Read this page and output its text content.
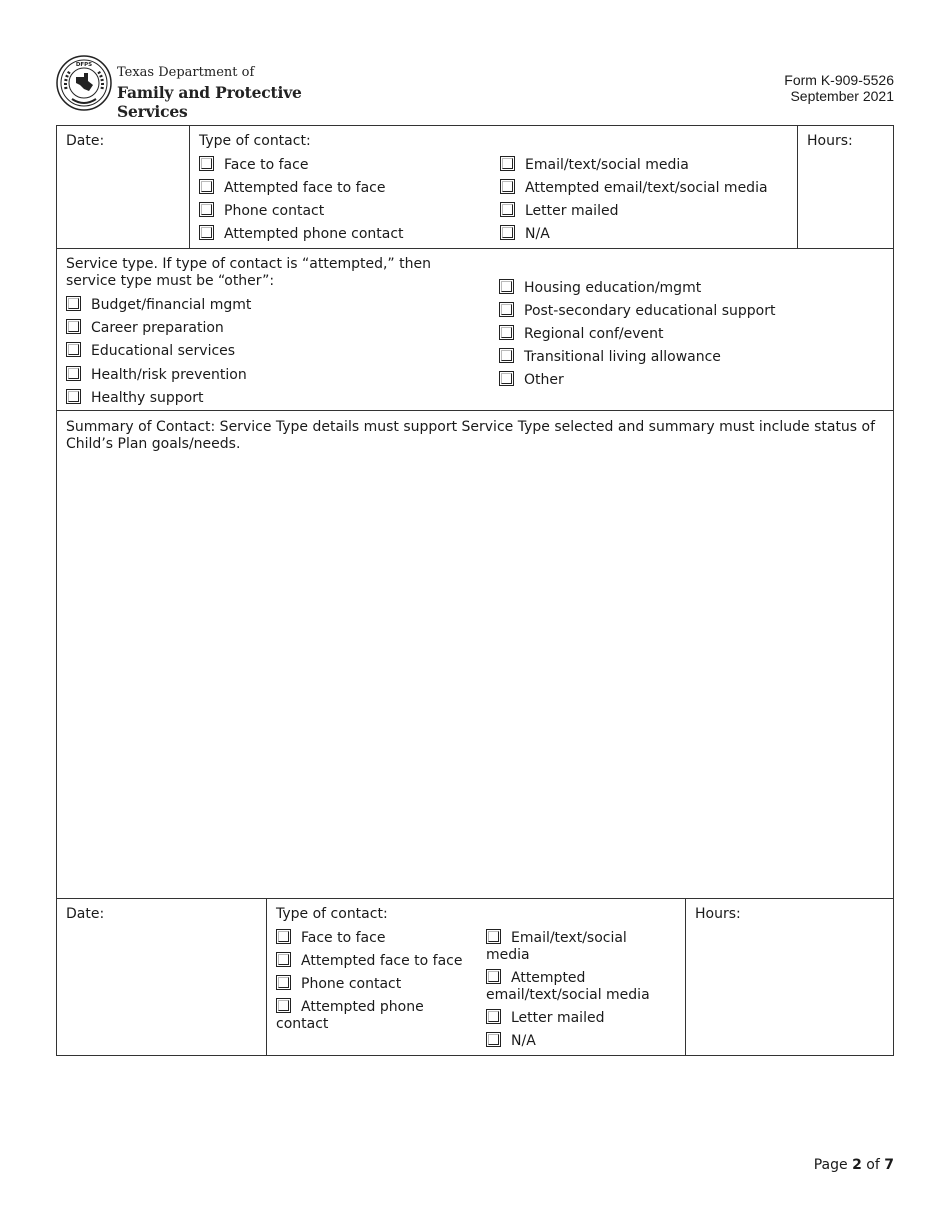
DFPS Texas Department of
Family and Protective Services
Form K-909-5526
September 2021
Date:	Type of contact:
Face to face
Attempted face to face
Phone contact
Attempted phone contact
Email/text/social media
Attempted email/text/social media
Letter mailed
N/A
Hours:
Service type. If type of contact is “attempted,” then service type must be “other”:
Budget/financial mgmt
Career preparation
Educational services
Health/risk prevention
Healthy support
Housing education/mgmt
Post-secondary educational support
Regional conf/event
Transitional living allowance
Other
Summary of Contact: Service Type details must support Service Type selected and summary must include status of Child’s Plan goals/needs.
Date:	Type of contact:
Face to face
Attempted face to face
Phone contact
Attempted phone contact
Email/text/social media
Attempted email/text/social media
Letter mailed
N/A
Hours:
Page 2 of 7
